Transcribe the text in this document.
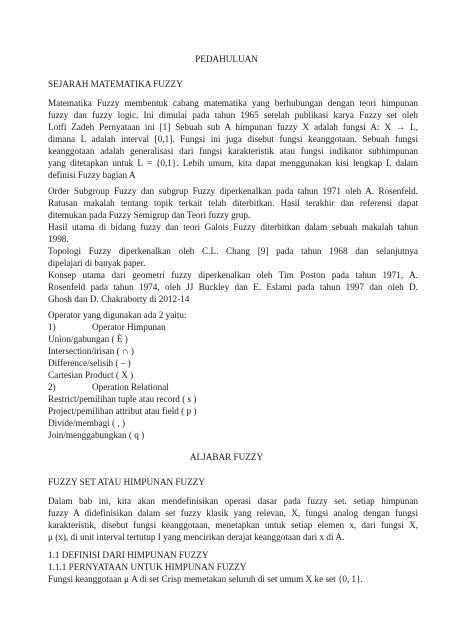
PEDAHULUAN

SEJARAH MATEMATIKA FUZZY

Matematika Fuzzy membentuk cabang matematika yang berhubungan dengan teori himpunan

fuzzy dan fuzzy logic. Ini dimulai pada tahun 1965 setelah publikasi karya Fuzzy set oleh

Lotfi Zadeh Pernyataan ini [1] Sebuah sub A himpunan fuzzy X adalah fungsi A: X → L,

dimana L adalah interval [0,1]. Fungsi ini juga disebut fungsi keanggotaan. Sebuah fungsi

keanggotaan adalah generalisasi dari fungsi karakteristik atau fungsi indikator subhimpunan

yang ditetapkan untuk L = {0,1}. Lebih umum, kita dapat menggunakan kisi lengkap L dalam

definisi Fuzzy bagian A

Order Subgroup Fuzzy dan subgrup Fuzzy diperkenalkan pada tahun 1971 oleh A. Rosenfeld.

Ratusan makalah tentang topik terkait telah diterbitkan. Hasil terakhir dan referensi dapat

ditemukan pada Fuzzy Semigrup dan Teori fuzzy grup.

Hasil utama di bidang fuzzy dan teori Galois Fuzzy diterbitkan dalam sebuah makalah tahun

1998.

Topologi Fuzzy diperkenalkan oleh C.L. Chang [9] pada tahun 1968 dan selanjutnya

dipelajari di banyak paper.

Konsep utama dari geometri fuzzy diperkenalkan oleh Tim Poston pada tahun 1971, A.

Rosenfeld pada tahun 1974, oleh JJ Buckley dan E. Eslami pada tahun 1997 dan oleh D.

Ghosh dan D. Chakraborty di 2012-14

Operator yang digunakan ada 2 yaitu:

1)	Operator Himpunan

Union/gabungan ( È )

Intersection/irisan ( ∩ )

Difference/selisih ( – )

Cartesian Product ( X )

2)	Operation Relational

Restrict/pemilihan tuple atau record ( s )

Project/pemilihan attribut atau field ( p )

Divide/membagi ( , )

Join/menggabungkan ( q )

ALJABAR FUZZY

FUZZY SET ATAU HIMPUNAN FUZZY

Dalam bab ini, kita akan mendefinisikan operasi dasar pada fuzzy set. setiap himpunan

fuzzy A didefinisikan dalam set fuzzy klasik yang relevan, X, fungsi analog dengan fungsi

karakteristik, disebut fungsi keanggotaan, menetapkan untuk setiap elemen x, dari fungsi X,

μ (x), di unit interval tertutup I yang mencirikan derajat keanggotaan dari x di A.

1.1 DEFINISI DARI HIMPUNAN FUZZY

1.1.1 PERNYATAAN UNTUK HIMPUNAN FUZZY

Fungsi keanggotaan μ A di set Crisp memetakan seluruh di set umum X ke set {0, 1}.
